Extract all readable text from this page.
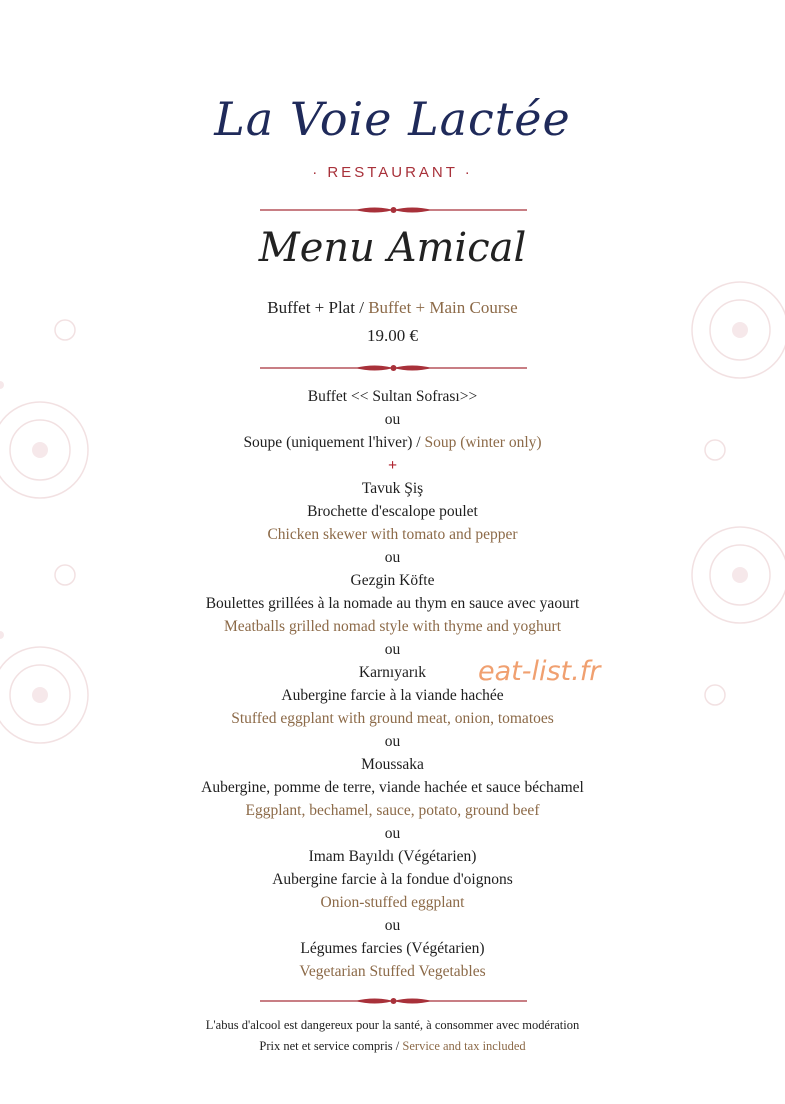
La Voie Lactée
· RESTAURANT ·
Menu Amical
Buffet + Plat / Buffet + Main Course
19.00 €
Buffet << Sultan Sofrası>>
ou
Soupe (uniquement l'hiver) / Soup (winter only)
+
Tavuk Şiş
Brochette d'escalope poulet
Chicken skewer with tomato and pepper
ou
Gezgin Köfte
Boulettes grillées à la nomade au thym en sauce avec yaourt
Meatballs grilled nomad style with thyme and yoghurt
ou
Karnıyarık
Aubergine farcie à la viande hachée
Stuffed eggplant with ground meat, onion, tomatoes
ou
Moussaka
Aubergine, pomme de terre, viande hachée et sauce béchamel
Eggplant, bechamel, sauce, potato, ground beef
ou
Imam Bayıldı (Végétarien)
Aubergine farcie à la fondue d'oignons
Onion-stuffed eggplant
ou
Légumes farcies (Végétarien)
Vegetarian Stuffed Vegetables
eat-list.fr
L'abus d'alcool est dangereux pour la santé, à consommer avec modération
Prix net et service compris / Service and tax included
